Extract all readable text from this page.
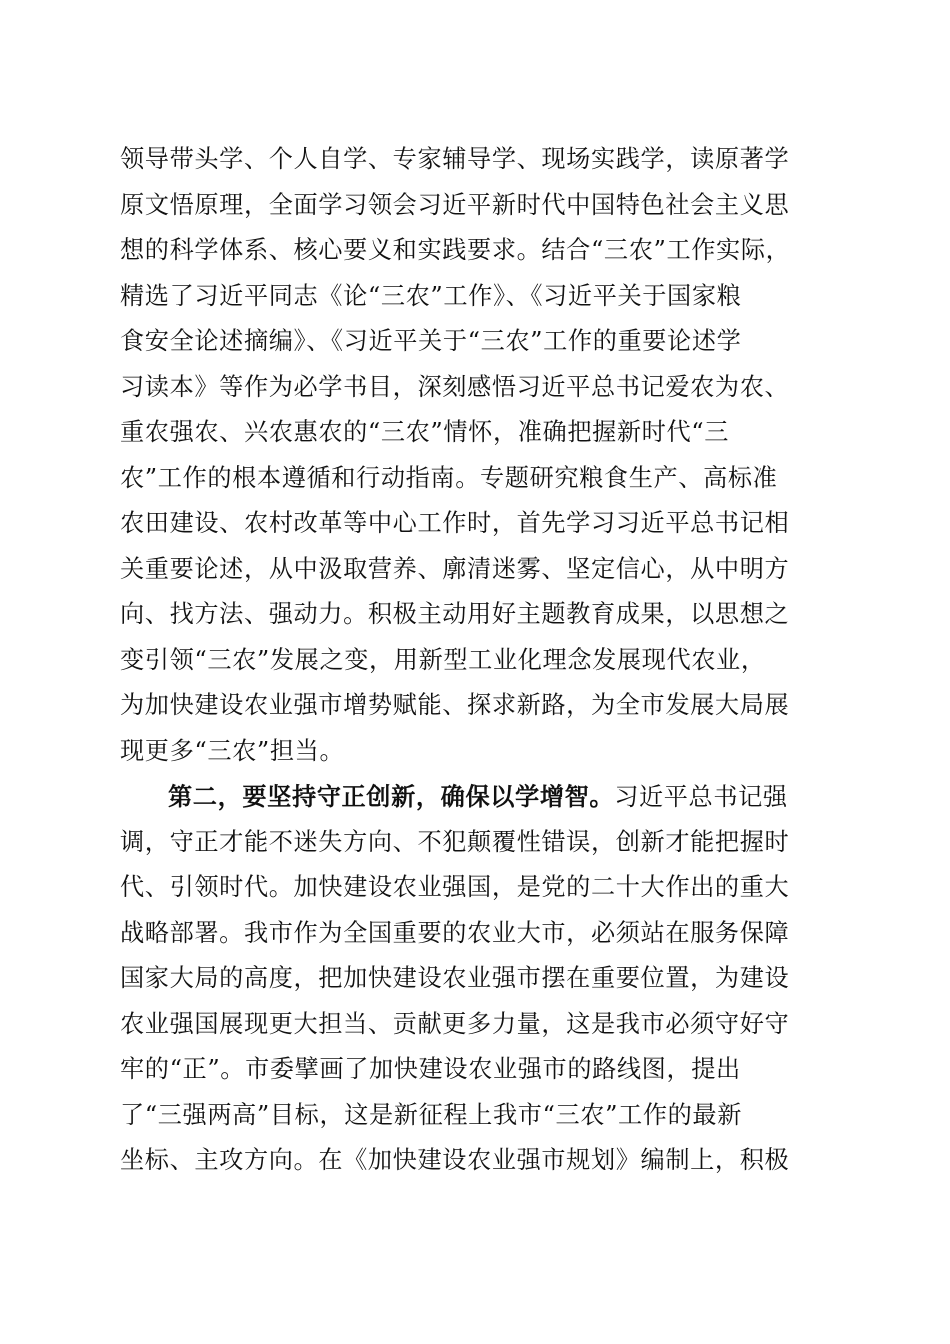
领导带头学、个人自学、专家辅导学、现场实践学，读原著学
原文悟原理，全面学习领会习近平新时代中国特色社会主义思
想的科学体系、核心要义和实践要求。结合“三农”工作实际，
精选了习近平同志《论“三农”工作》、《习近平关于国家粮
食安全论述摘编》、《习近平关于“三农”工作的重要论述学
习读本》等作为必学书目，深刻感悟习近平总书记爱农为农、
重农强农、兴农惠农的“三农”情怀，准确把握新时代“三
农”工作的根本遵循和行动指南。专题研究粮食生产、高标准
农田建设、农村改革等中心工作时，首先学习习近平总书记相
关重要论述，从中汲取营养、廓清迷雾、坚定信心，从中明方
向、找方法、强动力。积极主动用好主题教育成果，以思想之
变引领“三农”发展之变，用新型工业化理念发展现代农业，
为加快建设农业强市增势赋能、探求新路，为全市发展大局展
现更多“三农”担当。
第二，要坚持守正创新，确保以学增智。习近平总书记强
调，守正才能不迷失方向、不犯颠覆性错误，创新才能把握时
代、引领时代。加快建设农业强国，是党的二十大作出的重大
战略部署。我市作为全国重要的农业大市，必须站在服务保障
国家大局的高度，把加快建设农业强市摆在重要位置，为建设
农业强国展现更大担当、贡献更多力量，这是我市必须守好守
牢的“正”。市委擘画了加快建设农业强市的路线图，提出
了“三强两高”目标，这是新征程上我市“三农”工作的最新
坐标、主攻方向。在《加快建设农业强市规划》编制上，积极
